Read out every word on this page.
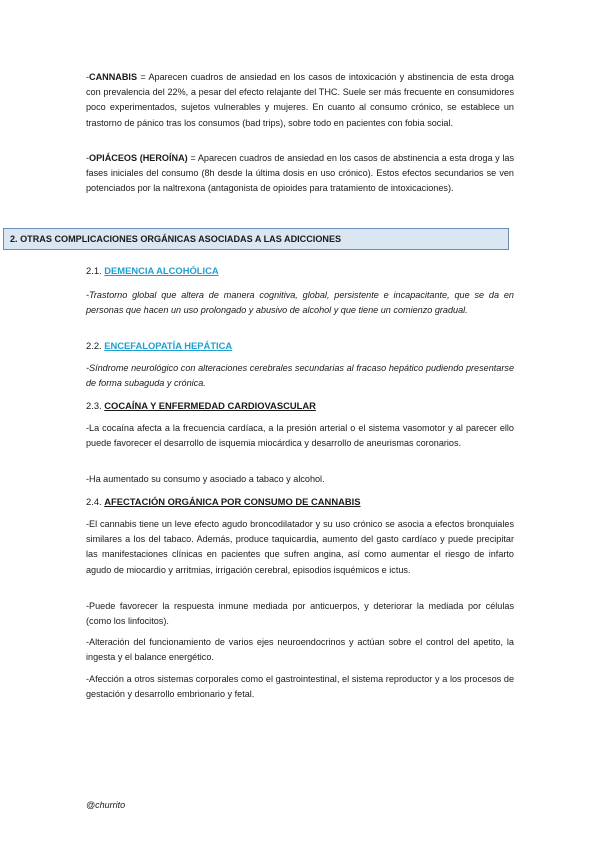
-CANNABIS = Aparecen cuadros de ansiedad en los casos de intoxicación y abstinencia de esta droga con prevalencia del 22%, a pesar del efecto relajante del THC. Suele ser más frecuente en consumidores poco experimentados, sujetos vulnerables y mujeres. En cuanto al consumo crónico, se establece un trastorno de pánico tras los consumos (bad trips), sobre todo en pacientes con fobia social.

-OPIÁCEOS (HEROÍNA) = Aparecen cuadros de ansiedad en los casos de abstinencia a esta droga y las fases iniciales del consumo (8h desde la última dosis en uso crónico). Estos efectos secundarios se ven potenciados por la naltrexona (antagonista de opioides para tratamiento de intoxicaciones).

2. OTRAS COMPLICACIONES ORGÁNICAS ASOCIADAS A LAS ADICCIONES

2.1. DEMENCIA ALCOHÓLICA

-Trastorno global que altera de manera cognitiva, global, persistente e incapacitante, que se da en personas que hacen un uso prolongado y abusivo de alcohol y que tiene un comienzo gradual.

2.2. ENCEFALOPATÍA HEPÁTICA

-Síndrome neurológico con alteraciones cerebrales secundarias al fracaso hepático pudiendo presentarse de forma subaguda y crónica.

2.3. COCAÍNA Y ENFERMEDAD CARDIOVASCULAR

-La cocaína afecta a la frecuencia cardíaca, a la presión arterial o el sistema vasomotor y al parecer ello puede favorecer el desarrollo de isquemia miocárdica y desarrollo de aneurismas coronarios.

-Ha aumentado su consumo y asociado a tabaco y alcohol.

2.4. AFECTACIÓN ORGÁNICA POR CONSUMO DE CANNABIS

-El cannabis tiene un leve efecto agudo broncodilatador y su uso crónico se asocia a efectos bronquiales similares a los del tabaco. Además, produce taquicardia, aumento del gasto cardíaco y puede precipitar las manifestaciones clínicas en pacientes que sufren angina, así como aumentar el riesgo de infarto agudo de miocardio y arritmias, irrigación cerebral, episodios isquémicos e ictus.

-Puede favorecer la respuesta inmune mediada por anticuerpos, y deteriorar la mediada por células (como los linfocitos).

-Alteración del funcionamiento de varios ejes neuroendocrinos y actúan sobre el control del apetito, la ingesta y el balance energético.

-Afección a otros sistemas corporales como el gastrointestinal, el sistema reproductor y a los procesos de gestación y desarrollo embrionario y fetal.

@churrito
